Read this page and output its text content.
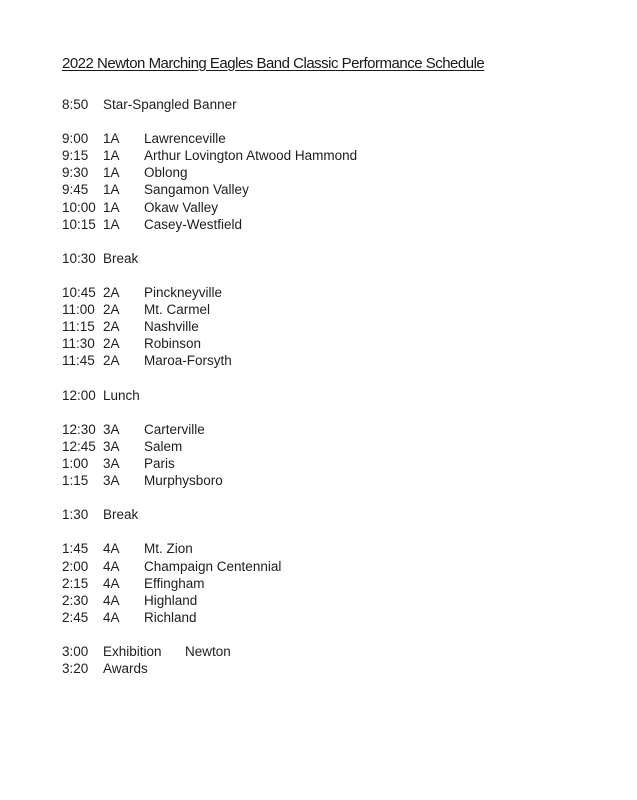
2022 Newton Marching Eagles Band Classic Performance Schedule
8:50	Star-Spangled Banner	
9:00	1A	Lawrenceville
9:15	1A	Arthur Lovington Atwood Hammond
9:30	1A	Oblong
9:45	1A	Sangamon Valley
10:00	1A	Okaw Valley
10:15	1A	Casey-Westfield
10:30	Break	
10:45	2A	Pinckneyville
11:00	2A	Mt. Carmel
11:15	2A	Nashville
11:30	2A	Robinson
11:45	2A	Maroa-Forsyth
12:00	Lunch	
12:30	3A	Carterville
12:45	3A	Salem
1:00	3A	Paris
1:15	3A	Murphysboro
1:30	Break	
1:45	4A	Mt. Zion
2:00	4A	Champaign Centennial
2:15	4A	Effingham
2:30	4A	Highland
2:45	4A	Richland
3:00	Exhibition	Newton
3:20	Awards	
